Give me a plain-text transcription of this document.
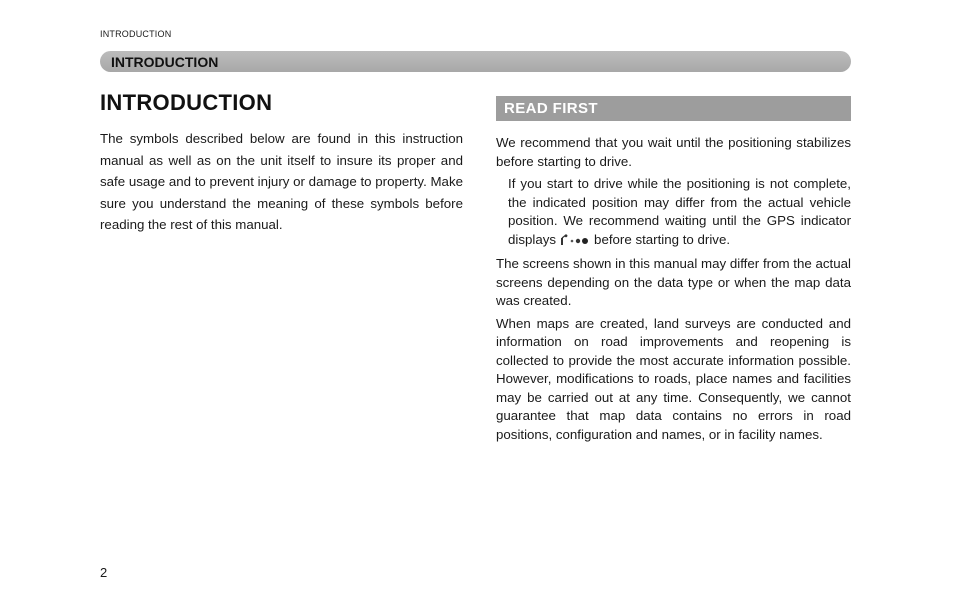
INTRODUCTION
INTRODUCTION
INTRODUCTION

The symbols described below are found in this instruction manual as well as on the unit itself to insure its proper and safe usage and to prevent injury or damage to property. Make sure you understand the meaning of these symbols before reading the rest of this manual.

READ FIRST

We recommend that you wait until the positioning stabilizes before starting to drive.

If you start to drive while the positioning is not complete, the indicated position may differ from the actual vehicle position. We recommend waiting until the GPS indicator displays	before starting to drive.

The screens shown in this manual may differ from the actual screens depending on the data type or when the map data was created.

When maps are created, land surveys are conducted and information on road improvements and reopening is collected to provide the most accurate information possible. However, modifications to roads, place names and facilities may be carried out at any time. Consequently, we cannot guarantee that map data contains no errors in road positions, configuration and names, or in facility names.

2
